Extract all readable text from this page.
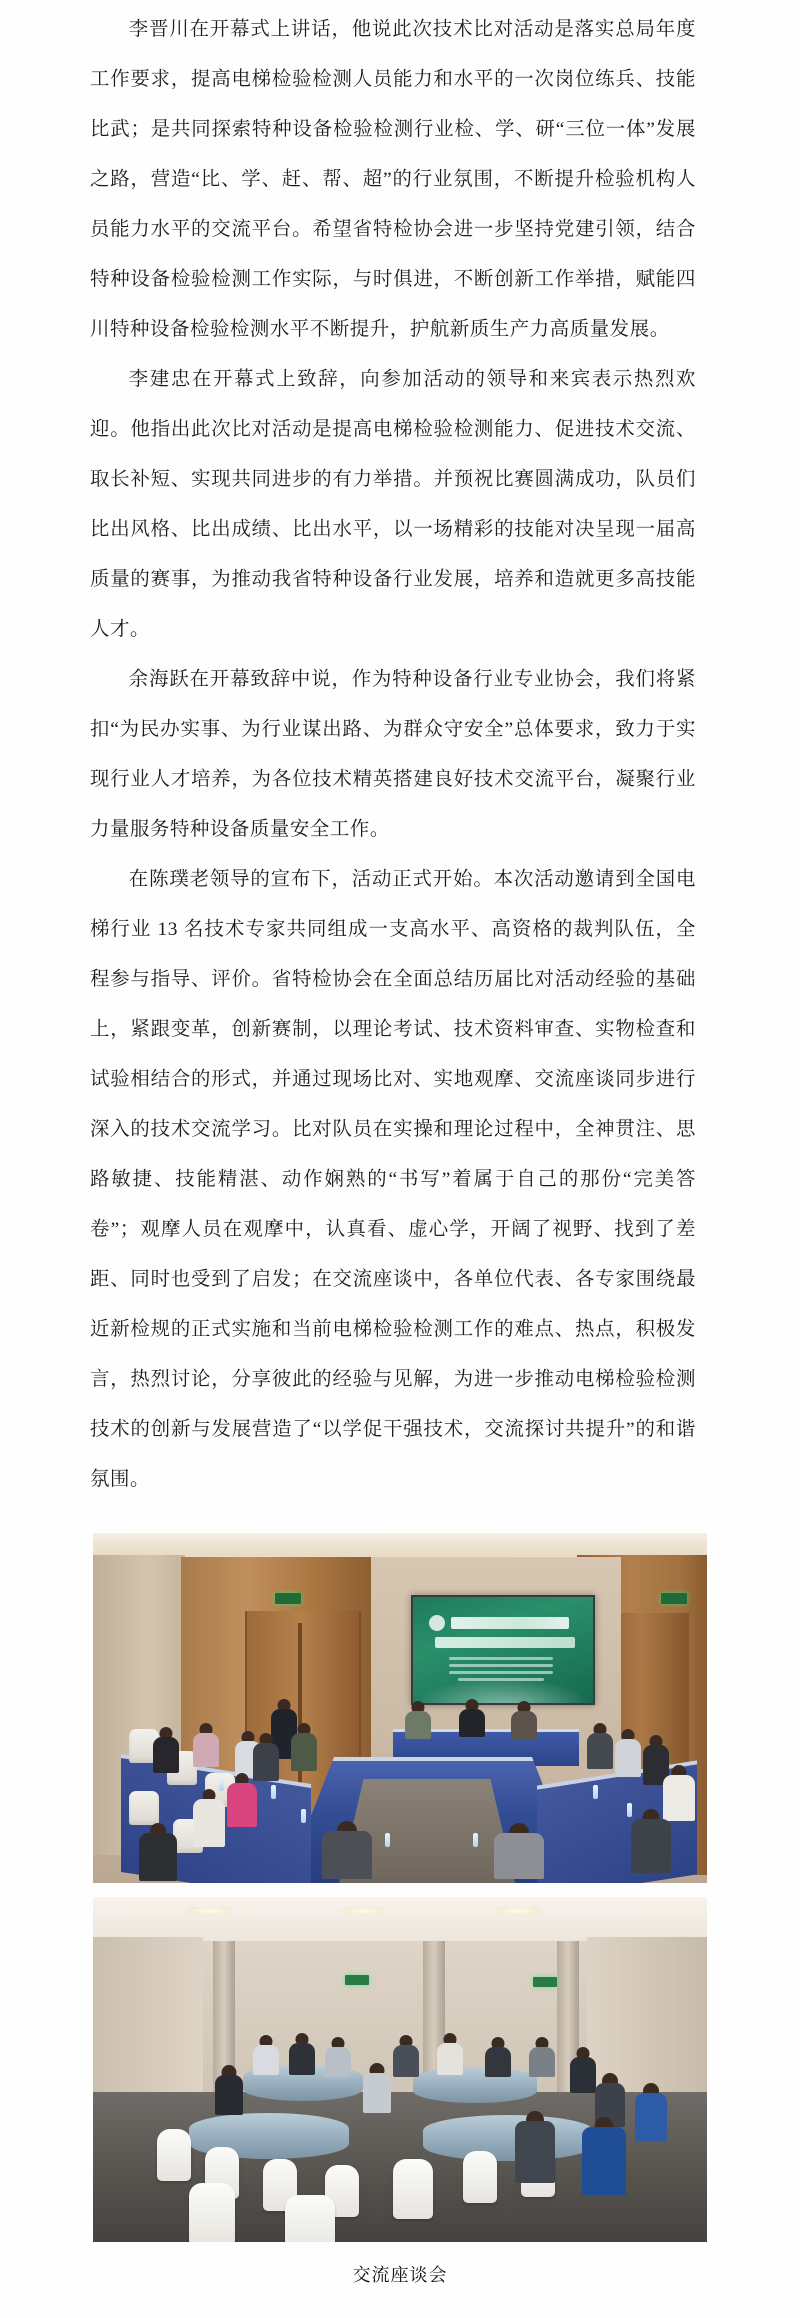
李晋川在开幕式上讲话，他说此次技术比对活动是落实总局年度工作要求，提高电梯检验检测人员能力和水平的一次岗位练兵、技能比武；是共同探索特种设备检验检测行业检、学、研“三位一体”发展之路，营造“比、学、赶、帮、超”的行业氛围，不断提升检验机构人员能力水平的交流平台。希望省特检协会进一步坚持党建引领，结合特种设备检验检测工作实际，与时俱进，不断创新工作举措，赋能四川特种设备检验检测水平不断提升，护航新质生产力高质量发展。

李建忠在开幕式上致辞，向参加活动的领导和来宾表示热烈欢迎。他指出此次比对活动是提高电梯检验检测能力、促进技术交流、取长补短、实现共同进步的有力举措。并预祝比赛圆满成功，队员们比出风格、比出成绩、比出水平，以一场精彩的技能对决呈现一届高质量的赛事，为推动我省特种设备行业发展，培养和造就更多高技能人才。

余海跃在开幕致辞中说，作为特种设备行业专业协会，我们将紧扣“为民办实事、为行业谋出路、为群众守安全”总体要求，致力于实现行业人才培养，为各位技术精英搭建良好技术交流平台，凝聚行业力量服务特种设备质量安全工作。

在陈璞老领导的宣布下，活动正式开始。本次活动邀请到全国电梯行业 13 名技术专家共同组成一支高水平、高资格的裁判队伍，全程参与指导、评价。省特检协会在全面总结历届比对活动经验的基础上，紧跟变革，创新赛制，以理论考试、技术资料审查、实物检查和试验相结合的形式，并通过现场比对、实地观摩、交流座谈同步进行深入的技术交流学习。比对队员在实操和理论过程中，全神贯注、思路敏捷、技能精湛、动作娴熟的“书写”着属于自己的那份“完美答卷”；观摩人员在观摩中，认真看、虚心学，开阔了视野、找到了差距、同时也受到了启发；在交流座谈中，各单位代表、各专家围绕最近新检规的正式实施和当前电梯检验检测工作的难点、热点，积极发言，热烈讨论，分享彼此的经验与见解，为进一步推动电梯检验检测技术的创新与发展营造了“以学促干强技术，交流探讨共提升”的和谐氛围。

交流座谈会
